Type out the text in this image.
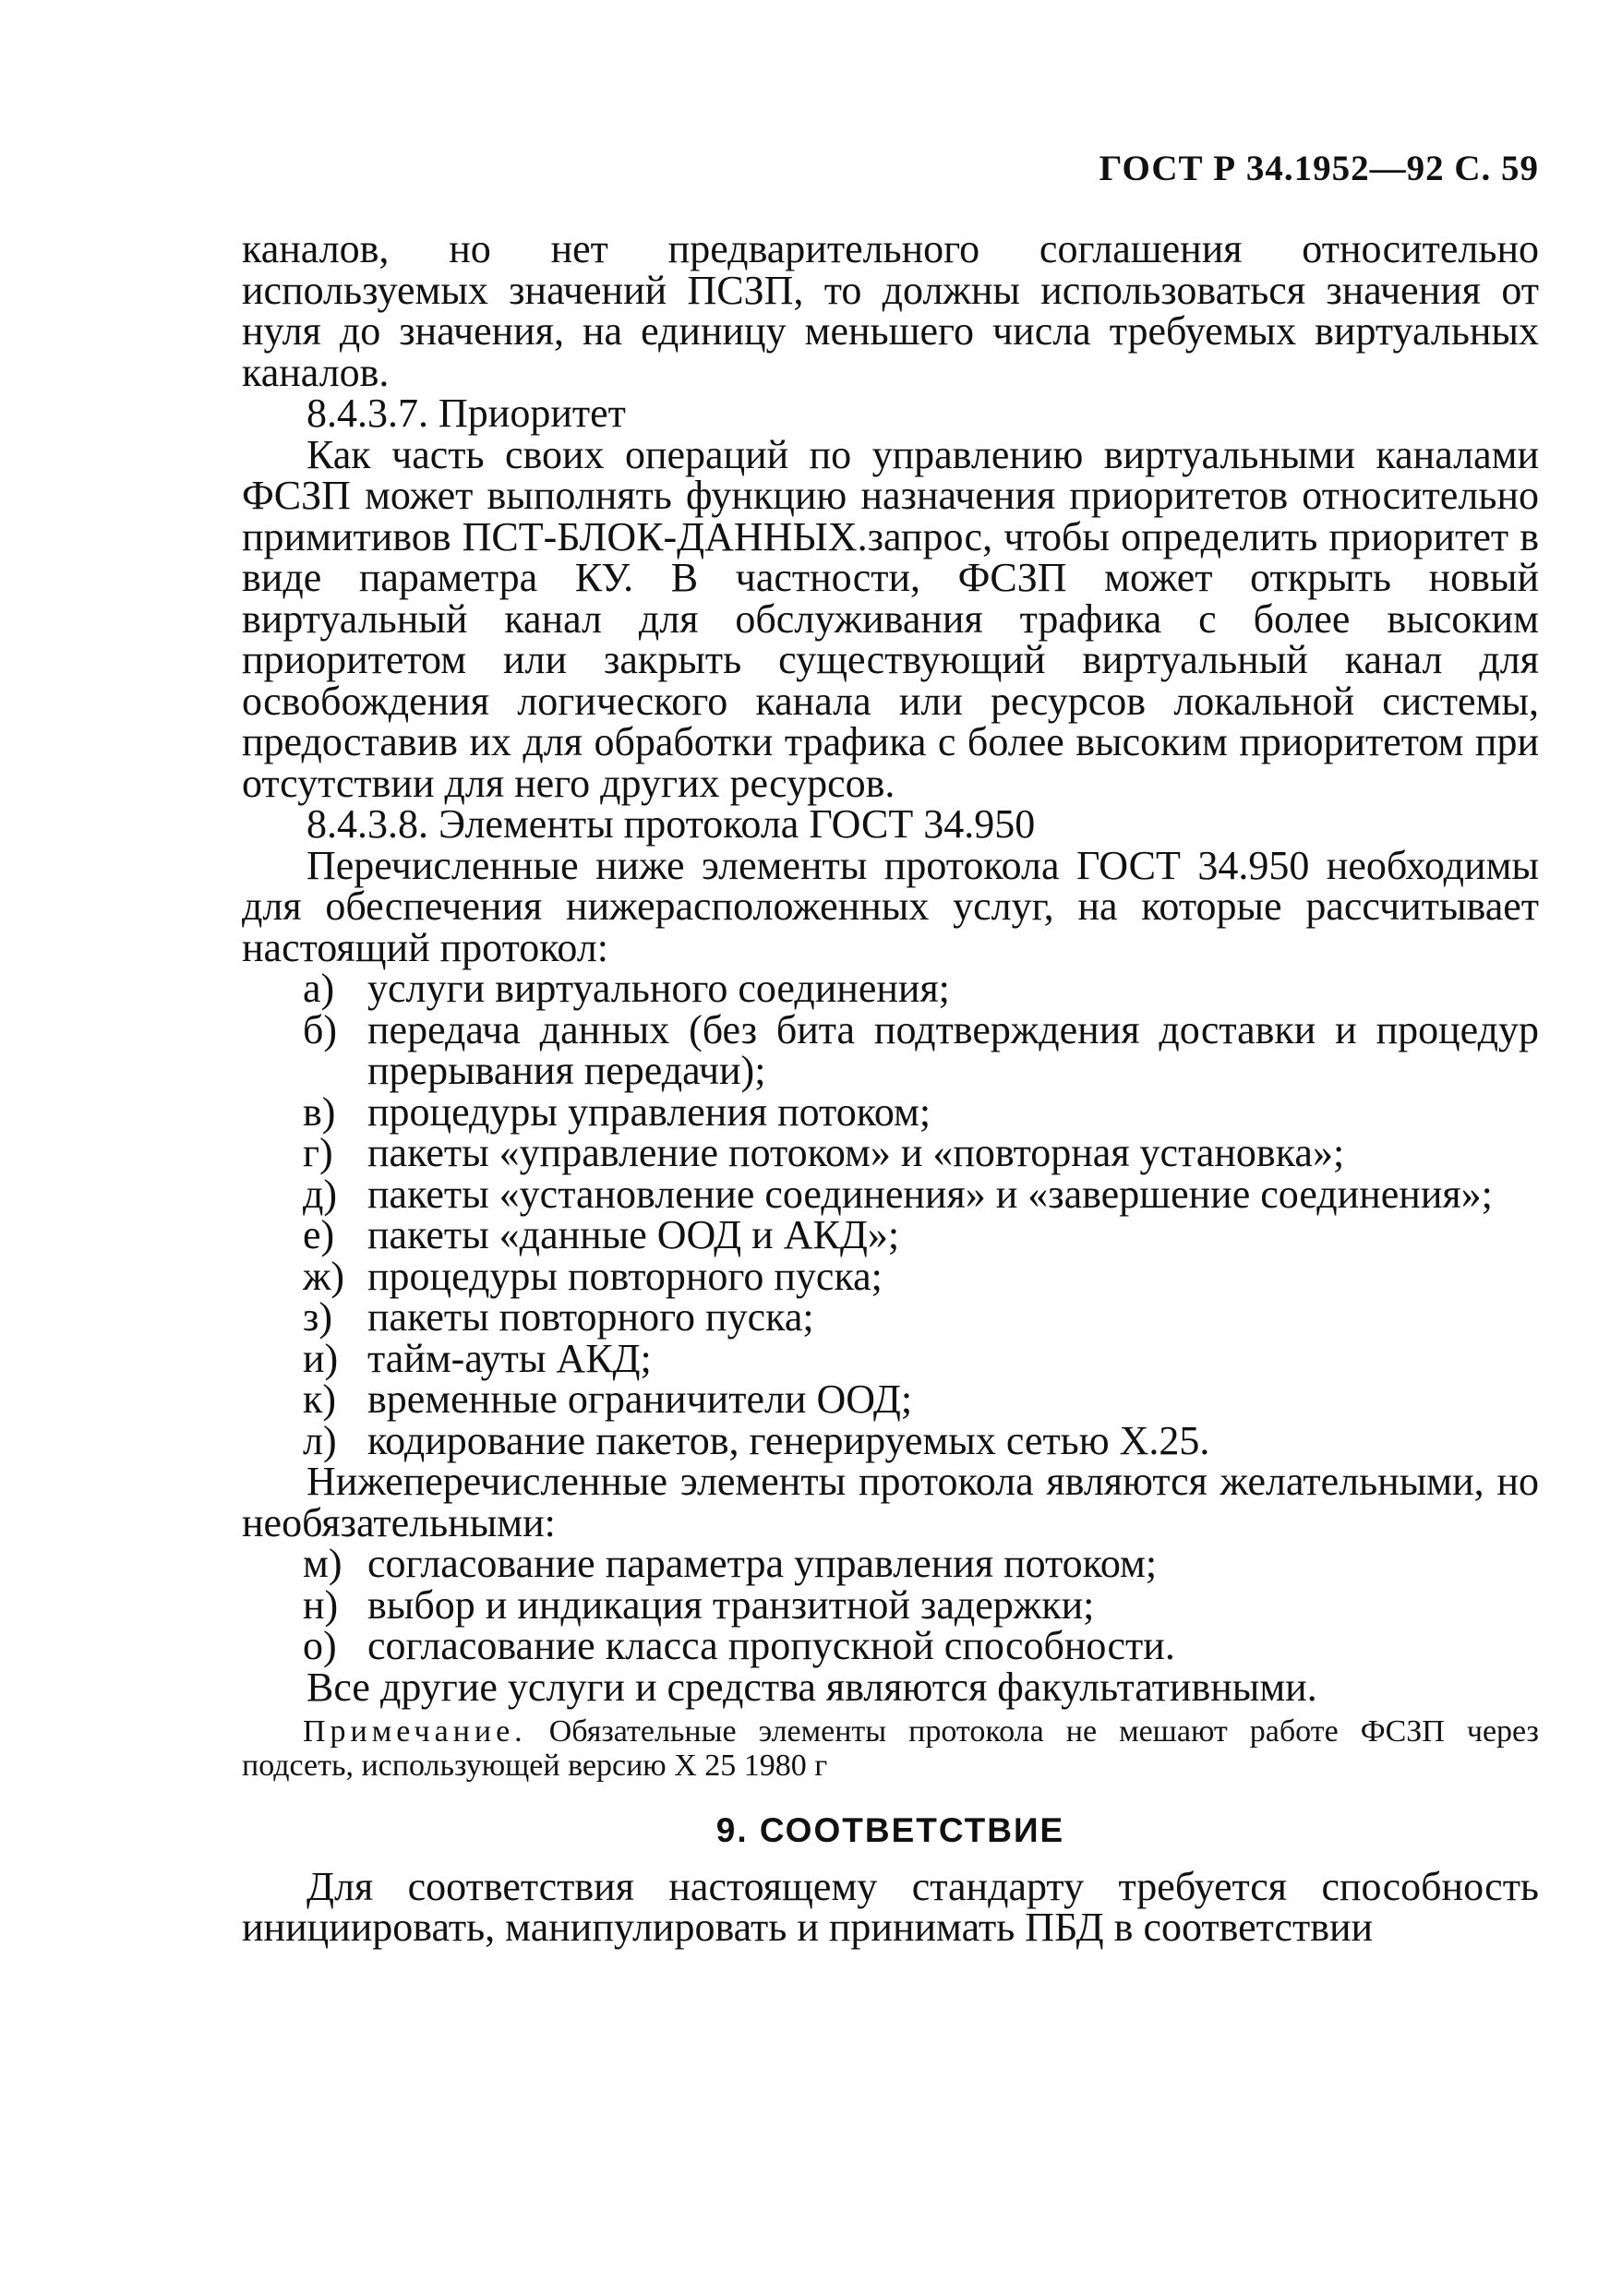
ГОСТ Р 34.1952—92 С. 59

каналов, но нет предварительного соглашения относительно используемых значений ПСЗП, то должны использоваться значения от нуля до значения, на единицу меньшего числа требуемых виртуальных каналов.

8.4.3.7. Приоритет

Как часть своих операций по управлению виртуальными каналами ФСЗП может выполнять функцию назначения приоритетов относительно примитивов ПСТ-БЛОК-ДАННЫХ.запрос, чтобы определить приоритет в виде параметра КУ. В частности, ФСЗП может открыть новый виртуальный канал для обслуживания трафика с более высоким приоритетом или закрыть существующий виртуальный канал для освобождения логического канала или ресурсов локальной системы, предоставив их для обработки трафика с более высоким приоритетом при отсутствии для него других ресурсов.

8.4.3.8. Элементы протокола ГОСТ 34.950

Перечисленные ниже элементы протокола ГОСТ 34.950 необходимы для обеспечения нижерасположенных услуг, на которые рассчитывает настоящий протокол:

а) услуги виртуального соединения;

б) передача данных (без бита подтверждения доставки и процедур прерывания передачи);

в) процедуры управления потоком;

г) пакеты «управление потоком» и «повторная установка»;

д) пакеты «установление соединения» и «завершение соединения»;

е) пакеты «данные ООД и АКД»;

ж) процедуры повторного пуска;

з) пакеты повторного пуска;

и) тайм-ауты АКД;

к) временные ограничители ООД;

л) кодирование пакетов, генерируемых сетью X.25.

Нижеперечисленные элементы протокола являются желательными, но необязательными:

м) согласование параметра управления потоком;

н) выбор и индикация транзитной задержки;

о) согласование класса пропускной способности.

Все другие услуги и средства являются факультативными.

Примечание. Обязательные элементы протокола не мешают работе ФСЗП через подсеть, использующей версию X 25 1980 г

9. СООТВЕТСТВИЕ

Для соответствия настоящему стандарту требуется способность инициировать, манипулировать и принимать ПБД в соответствии
